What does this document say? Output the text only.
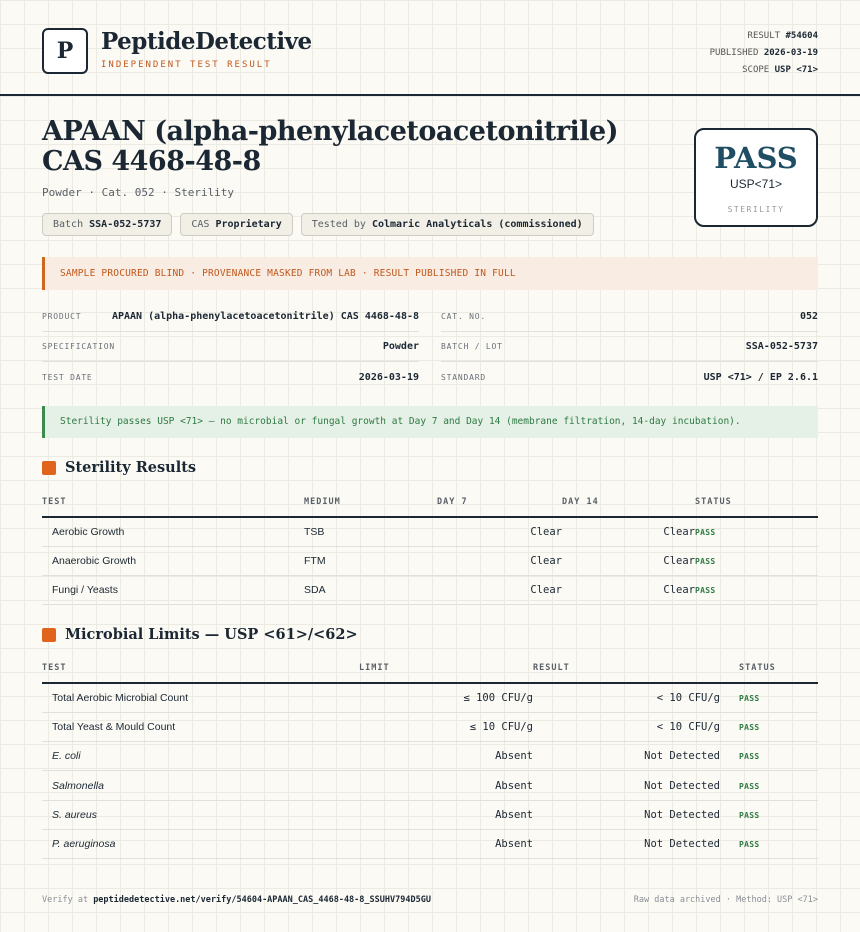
P	PeptideDetective
INDEPENDENT TEST RESULT
RESULT #54604
PUBLISHED 2026-03-19
SCOPE USP <71>
APAAN (alpha-phenylacetoacetonitrile) CAS 4468-48-8
Powder · Cat. 052 · Sterility
Batch SSA-052-5737	CAS Proprietary	Tested by Colmaric Analyticals (commissioned)
PASS
USP<71>
STERILITY
SAMPLE PROCURED BLIND · PROVENANCE MASKED FROM LAB · RESULT PUBLISHED IN FULL
PRODUCT	APAAN (alpha-phenylacetoacetonitrile) CAS 4468-48-8
SPECIFICATION	Powder
TEST DATE	2026-03-19
CAT. NO.	052
BATCH / LOT	SSA-052-5737
STANDARD	USP <71> / EP 2.6.1
Sterility passes USP <71> — no microbial or fungal growth at Day 7 and Day 14 (membrane filtration, 14-day incubation).
Sterility Results
TEST	MEDIUM	DAY 7	DAY 14	STATUS
Aerobic Growth	TSB	Clear	Clear	PASS
Anaerobic Growth	FTM	Clear	Clear	PASS
Fungi / Yeasts	SDA	Clear	Clear	PASS
Microbial Limits — USP <61>/<62>
TEST	LIMIT	RESULT	STATUS
Total Aerobic Microbial Count	≤ 100 CFU/g	< 10 CFU/g	PASS
Total Yeast & Mould Count	≤ 10 CFU/g	< 10 CFU/g	PASS
E. coli	Absent	Not Detected	PASS
Salmonella	Absent	Not Detected	PASS
S. aureus	Absent	Not Detected	PASS
P. aeruginosa	Absent	Not Detected	PASS
Verify at peptidedetective.net/verify/54604-APAAN_CAS_4468-48-8_SSUHV794D5GU	Raw data archived · Method: USP <71>
